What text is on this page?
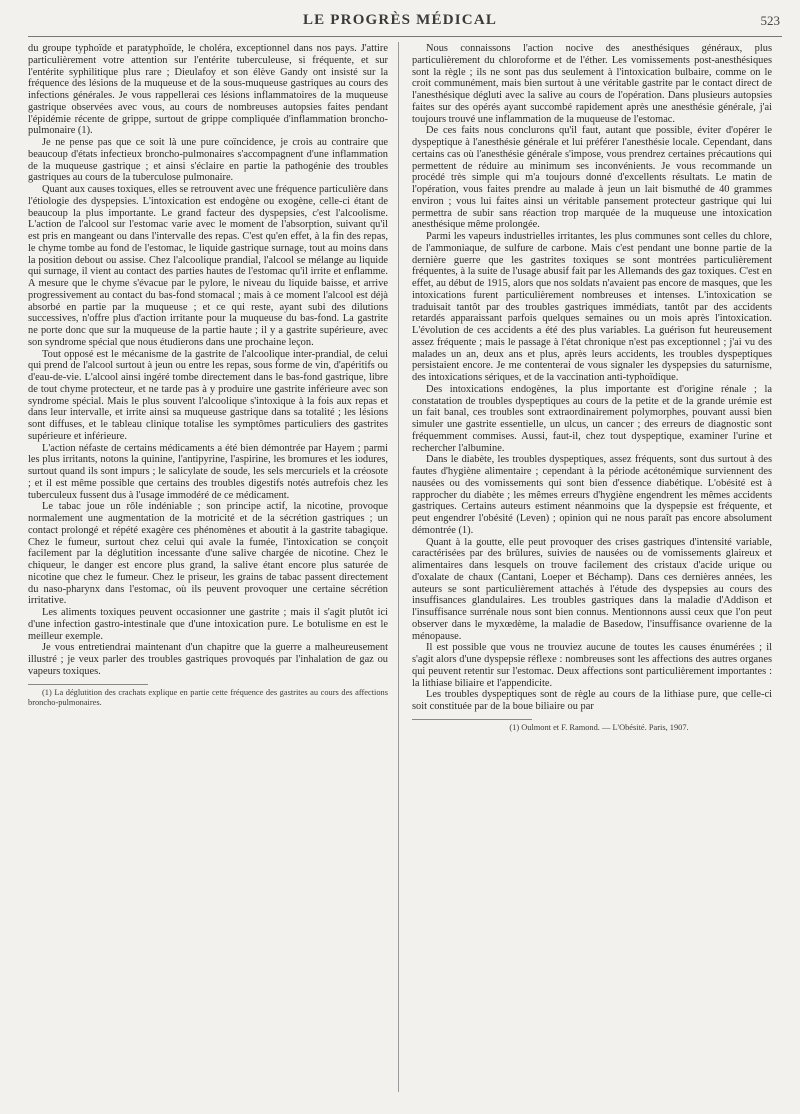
LE PROGRÈS MÉDICAL	523

du groupe typhoïde et paratyphoïde, le choléra, exceptionnel dans nos pays. J'attire particulièrement votre attention sur l'entérite tuberculeuse, si fréquente, et sur l'entérite syphilitique plus rare ; Dieulafoy et son élève Gandy ont insisté sur la fréquence des lésions de la muqueuse et de la sous-muqueuse gastriques au cours des infections générales. Je vous rappellerai ces lésions inflammatoires de la muqueuse gastrique observées avec vous, au cours de nombreuses autopsies faites pendant l'épidémie récente de grippe, surtout de grippe compliquée d'inflammation broncho-pulmonaire (1).

Je ne pense pas que ce soit là une pure coïncidence, je crois au contraire que beaucoup d'états infectieux broncho-pulmonaires s'accompagnent d'une inflammation de la muqueuse gastrique ; et ainsi s'éclaire en partie la pathogénie des troubles gastriques au cours de la tuberculose pulmonaire.

Quant aux causes toxiques, elles se retrouvent avec une fréquence particulière dans l'étiologie des dyspepsies. L'intoxication est endogène ou exogène, celle-ci étant de beaucoup la plus importante. Le grand facteur des dyspepsies, c'est l'alcoolisme. L'action de l'alcool sur l'estomac varie avec le moment de l'absorption, suivant qu'il est pris en mangeant ou dans l'intervalle des repas. C'est qu'en effet, à la fin des repas, le chyme tombe au fond de l'estomac, le liquide gastrique surnage, tout au moins dans la position debout ou assise. Chez l'alcoolique prandial, l'alcool se mélange au liquide qui surnage, il vient au contact des parties hautes de l'estomac qu'il irrite et enflamme. A mesure que le chyme s'évacue par le pylore, le niveau du liquide baisse, et arrive progressivement au contact du bas-fond stomacal ; mais à ce moment l'alcool est déjà absorbé en partie par la muqueuse ; et ce qui reste, ayant subi des dilutions successives, n'offre plus d'action irritante pour la muqueuse du bas-fond. La gastrite ne porte donc que sur la muqueuse de la partie haute ; il y a gastrite supérieure, avec son syndrome spécial que nous étudierons dans une prochaine leçon.

Tout opposé est le mécanisme de la gastrite de l'alcoolique inter-prandial, de celui qui prend de l'alcool surtout à jeun ou entre les repas, sous forme de vin, d'apéritifs ou d'eau-de-vie. L'alcool ainsi ingéré tombe directement dans le bas-fond gastrique, libre de tout chyme protecteur, et ne tarde pas à y produire une gastrite inférieure avec son syndrome spécial. Mais le plus souvent l'alcoolique s'intoxique à la fois aux repas et dans leur intervalle, et irrite ainsi sa muqueuse gastrique dans sa totalité ; les lésions sont diffuses, et le tableau clinique totalise les symptômes particuliers des gastrites supérieure et inférieure.

L'action néfaste de certains médicaments a été bien démontrée par Hayem ; parmi les plus irritants, notons la quinine, l'antipyrine, l'aspirine, les bromures et les iodures, surtout quand ils sont impurs ; le salicylate de soude, les sels mercuriels et la créosote ; et il est même possible que certains des troubles digestifs notés autrefois chez les tuberculeux fussent dus à l'usage immodéré de ce médicament.

Le tabac joue un rôle indéniable ; son principe actif, la nicotine, provoque normalement une augmentation de la motricité et de la sécrétion gastriques ; un contact prolongé et répété exagère ces phénomènes et aboutit à la gastrite tabagique. Chez le fumeur, surtout chez celui qui avale la fumée, l'intoxication se conçoit facilement par la déglutition incessante d'une salive chargée de nicotine. Chez le chiqueur, le danger est encore plus grand, la salive étant encore plus saturée de nicotine que chez le fumeur. Chez le priseur, les grains de tabac passent directement du naso-pharynx dans l'estomac, où ils peuvent provoquer une certaine sécrétion irritative.

Les aliments toxiques peuvent occasionner une gastrite ; mais il s'agit plutôt ici d'une infection gastro-intestinale que d'une intoxication pure. Le botulisme en est le meilleur exemple.

Je vous entretiendrai maintenant d'un chapitre que la guerre a malheureusement illustré ; je veux parler des troubles gastriques provoqués par l'inhalation de gaz ou vapeurs toxiques.

(1) La déglutition des crachats explique en partie cette fréquence des gastrites au cours des affections broncho-pulmonaires.

Nous connaissons l'action nocive des anesthésiques généraux, plus particulièrement du chloroforme et de l'éther. Les vomissements post-anesthésiques sont la règle ; ils ne sont pas dus seulement à l'intoxication bulbaire, comme on le croit communément, mais bien surtout à une véritable gastrite par le contact direct de l'anesthésique dégluti avec la salive au cours de l'opération. Dans plusieurs autopsies faites sur des opérés ayant succombé rapidement après une anesthésie générale, j'ai toujours trouvé une inflammation de la muqueuse de l'estomac.

De ces faits nous conclurons qu'il faut, autant que possible, éviter d'opérer le dyspeptique à l'anesthésie générale et lui préférer l'anesthésie locale. Cependant, dans certains cas où l'anesthésie générale s'impose, vous prendrez certaines précautions qui permettent de réduire au minimum ses inconvénients. Je vous recommande un procédé très simple qui m'a toujours donné d'excellents résultats. Le matin de l'opération, vous faites prendre au malade à jeun un lait bismuthé de 40 grammes environ ; vous lui faites ainsi un véritable pansement protecteur gastrique qui lui permettra de subir sans réaction trop marquée de la muqueuse une intoxication anesthésique même prolongée.

Parmi les vapeurs industrielles irritantes, les plus communes sont celles du chlore, de l'ammoniaque, de sulfure de carbone. Mais c'est pendant une bonne partie de la dernière guerre que les gastrites toxiques se sont montrées particulièrement fréquentes, à la suite de l'usage abusif fait par les Allemands des gaz toxiques. C'est en effet, au début de 1915, alors que nos soldats n'avaient pas encore de masques, que les intoxications furent particulièrement nombreuses et intenses. L'intoxication se traduisait tantôt par des troubles gastriques immédiats, tantôt par des accidents retardés apparaissant parfois quelques semaines ou un mois après l'intoxication. L'évolution de ces accidents a été des plus variables. La guérison fut heureusement assez fréquente ; mais le passage à l'état chronique n'est pas exceptionnel ; j'ai vu des malades un an, deux ans et plus, après leurs accidents, les troubles dyspeptiques persistaient encore. Je me contenterai de vous signaler les dyspepsies du saturnisme, des intoxications sériques, et de la vaccination anti-typhoïdique.

Des intoxications endogènes, la plus importante est d'origine rénale ; la constatation de troubles dyspeptiques au cours de la petite et de la grande urémie est un fait banal, ces troubles sont extraordinairement polymorphes, pouvant aussi bien simuler une gastrite essentielle, un ulcus, un cancer ; des erreurs de diagnostic sont fréquemment commises. Aussi, faut-il, chez tout dyspeptique, examiner l'urine et rechercher l'albumine.

Dans le diabète, les troubles dyspeptiques, assez fréquents, sont dus surtout à des fautes d'hygiène alimentaire ; cependant à la période acétonémique surviennent des nausées ou des vomissements qui sont bien d'essence diabétique. L'obésité est à rapprocher du diabète ; les mêmes erreurs d'hygiène engendrent les mêmes accidents gastriques. Certains auteurs estiment néanmoins que la dyspepsie est fréquente, et peut engendrer l'obésité (Leven) ; opinion qui ne nous paraît pas encore absolument démontrée (1).

Quant à la goutte, elle peut provoquer des crises gastriques d'intensité variable, caractérisées par des brûlures, suivies de nausées ou de vomissements glaireux et alimentaires dans lesquels on trouve facilement des cristaux d'acide urique ou d'oxalate de chaux (Cantani, Loeper et Béchamp). Dans ces dernières années, les auteurs se sont particulièrement attachés à l'étude des dyspepsies au cours des insuffisances glandulaires. Les troubles gastriques dans la maladie d'Addison et l'insuffisance surrénale nous sont bien connus. Mentionnons aussi ceux que l'on peut observer dans le myxœdème, la maladie de Basedow, l'insuffisance ovarienne de la ménopause.

Il est possible que vous ne trouviez aucune de toutes les causes énumérées ; il s'agit alors d'une dyspepsie réflexe : nombreuses sont les affections des autres organes qui peuvent retentir sur l'estomac. Deux affections sont particulièrement importantes : la lithiase biliaire et l'appendicite.

Les troubles dyspeptiques sont de règle au cours de la lithiase pure, que celle-ci soit constituée par de la boue biliaire ou par

(1) Oulmont et F. Ramond. — L'Obésité. Paris, 1907.
